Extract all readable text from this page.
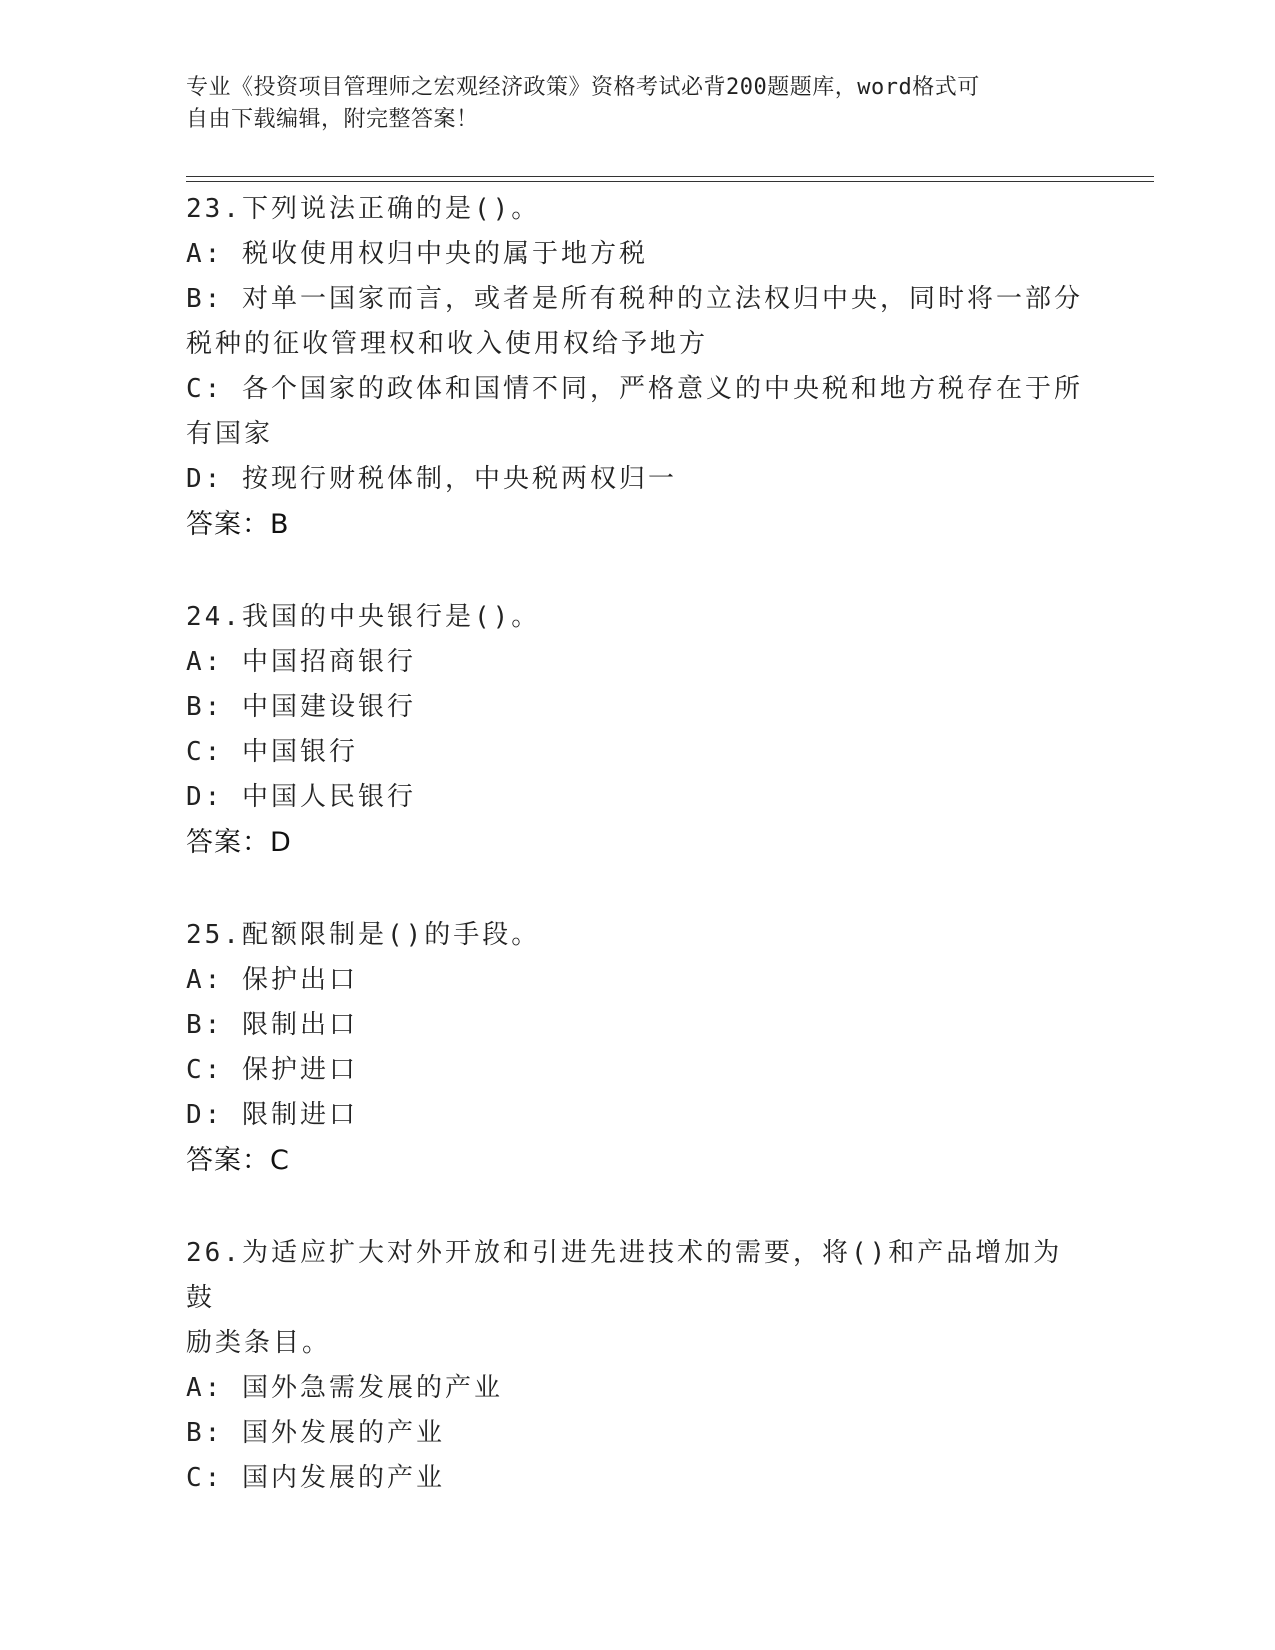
专业《投资项目管理师之宏观经济政策》资格考试必背200题题库，word格式可
自由下载编辑，附完整答案！
23.下列说法正确的是()。
A: 税收使用权归中央的属于地方税
B: 对单一国家而言，或者是所有税种的立法权归中央，同时将一部分
税种的征收管理权和收入使用权给予地方
C: 各个国家的政体和国情不同，严格意义的中央税和地方税存在于所
有国家
D: 按现行财税体制，中央税两权归一
答案：B
24.我国的中央银行是()。
A: 中国招商银行
B: 中国建设银行
C: 中国银行
D: 中国人民银行
答案：D
25.配额限制是()的手段。
A: 保护出口
B: 限制出口
C: 保护进口
D: 限制进口
答案：C
26.为适应扩大对外开放和引进先进技术的需要，将()和产品增加为鼓
励类条目。
A: 国外急需发展的产业
B: 国外发展的产业
C: 国内发展的产业
